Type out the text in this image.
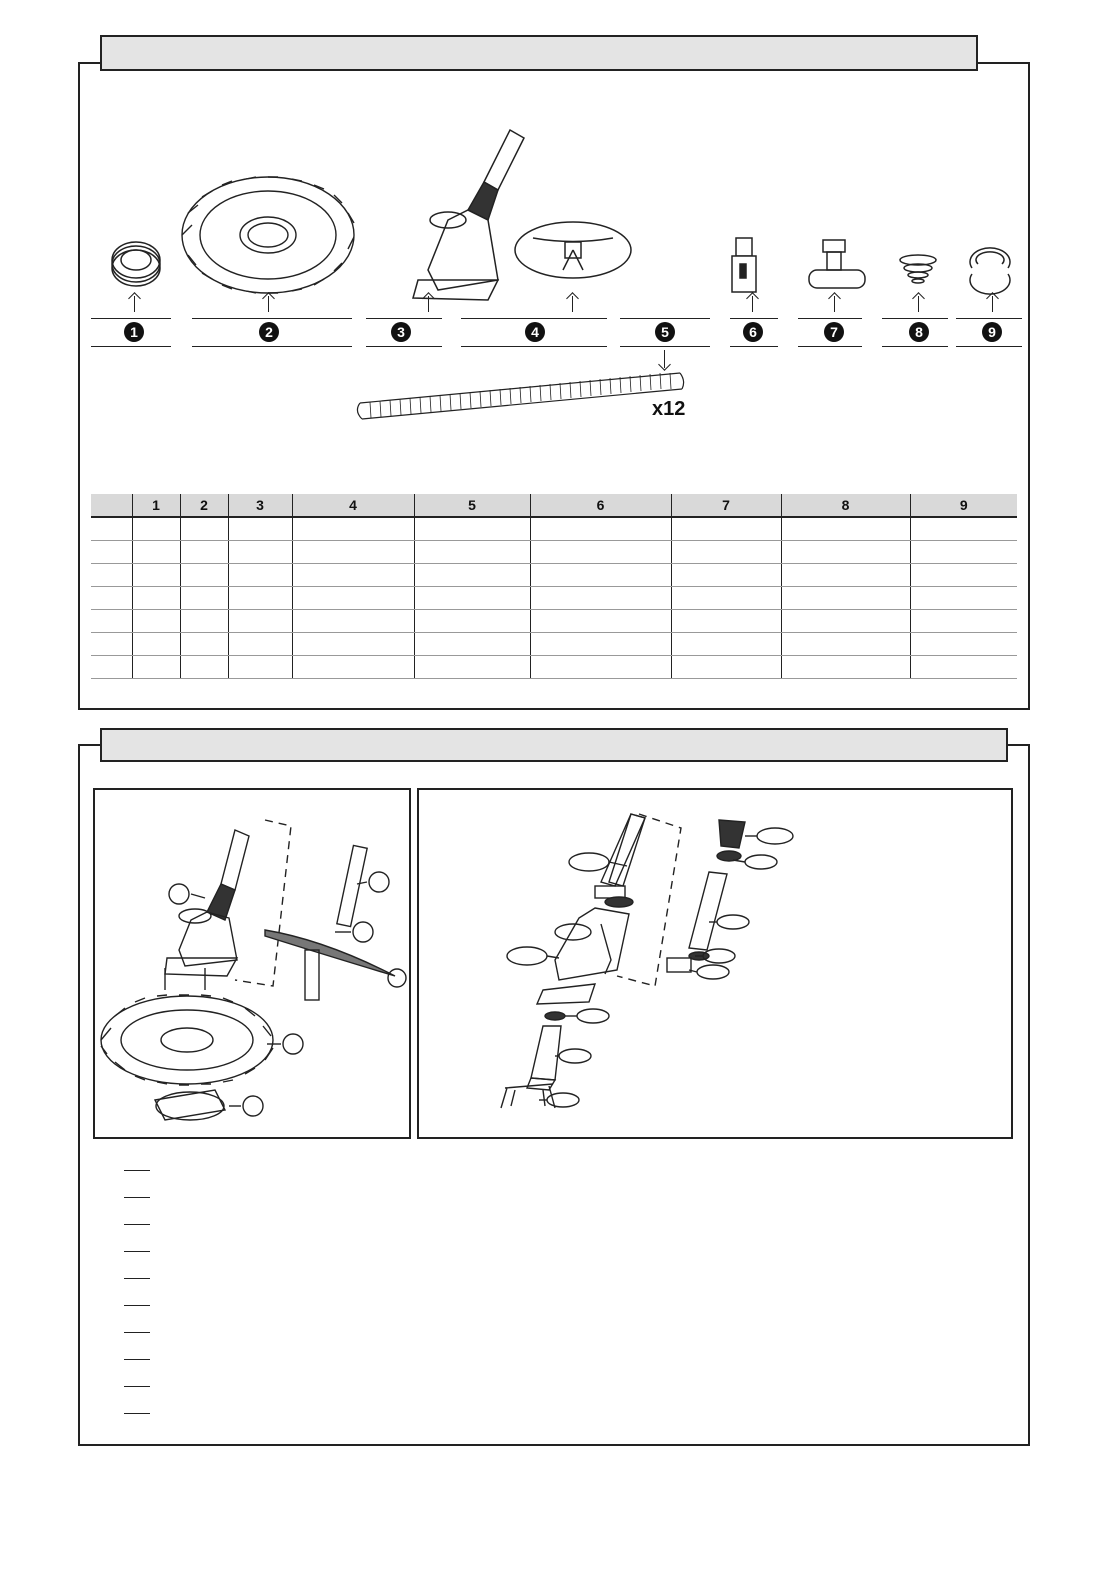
1	2	3	4	5	6	7	8	9
x12
	1	2	3	4	5	6	7	8	9
